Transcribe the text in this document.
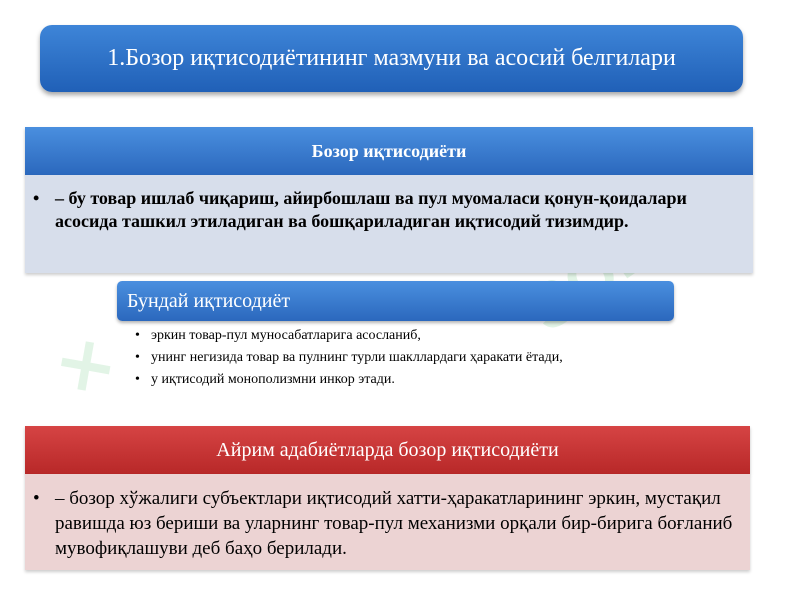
✕
1.Бозор иқтисодиётининг мазмуни ва асосий белгилари
Бозор иқтисодиёти
• – бу товар ишлаб чиқариш, айирбошлаш ва пул муомаласи қонун-қоидалари асосида ташкил этиладиган ва бошқариладиган иқтисодий тизимдир.
Бундай иқтисодиёт
• эркин товар-пул муносабатларига асосланиб,
• унинг негизида товар ва пулнинг турли шакллардаги ҳаракати ётади,
• у иқтисодий монополизмни инкор этади.
Айрим адабиётларда бозор иқтисодиёти
• – бозор хўжалиги субъектлари иқтисодий хатти-ҳаракатларининг эркин, мустақил равишда юз бериши ва уларнинг товар-пул механизми орқали бир-бирига боғланиб мувофиқлашуви деб баҳо берилади.
